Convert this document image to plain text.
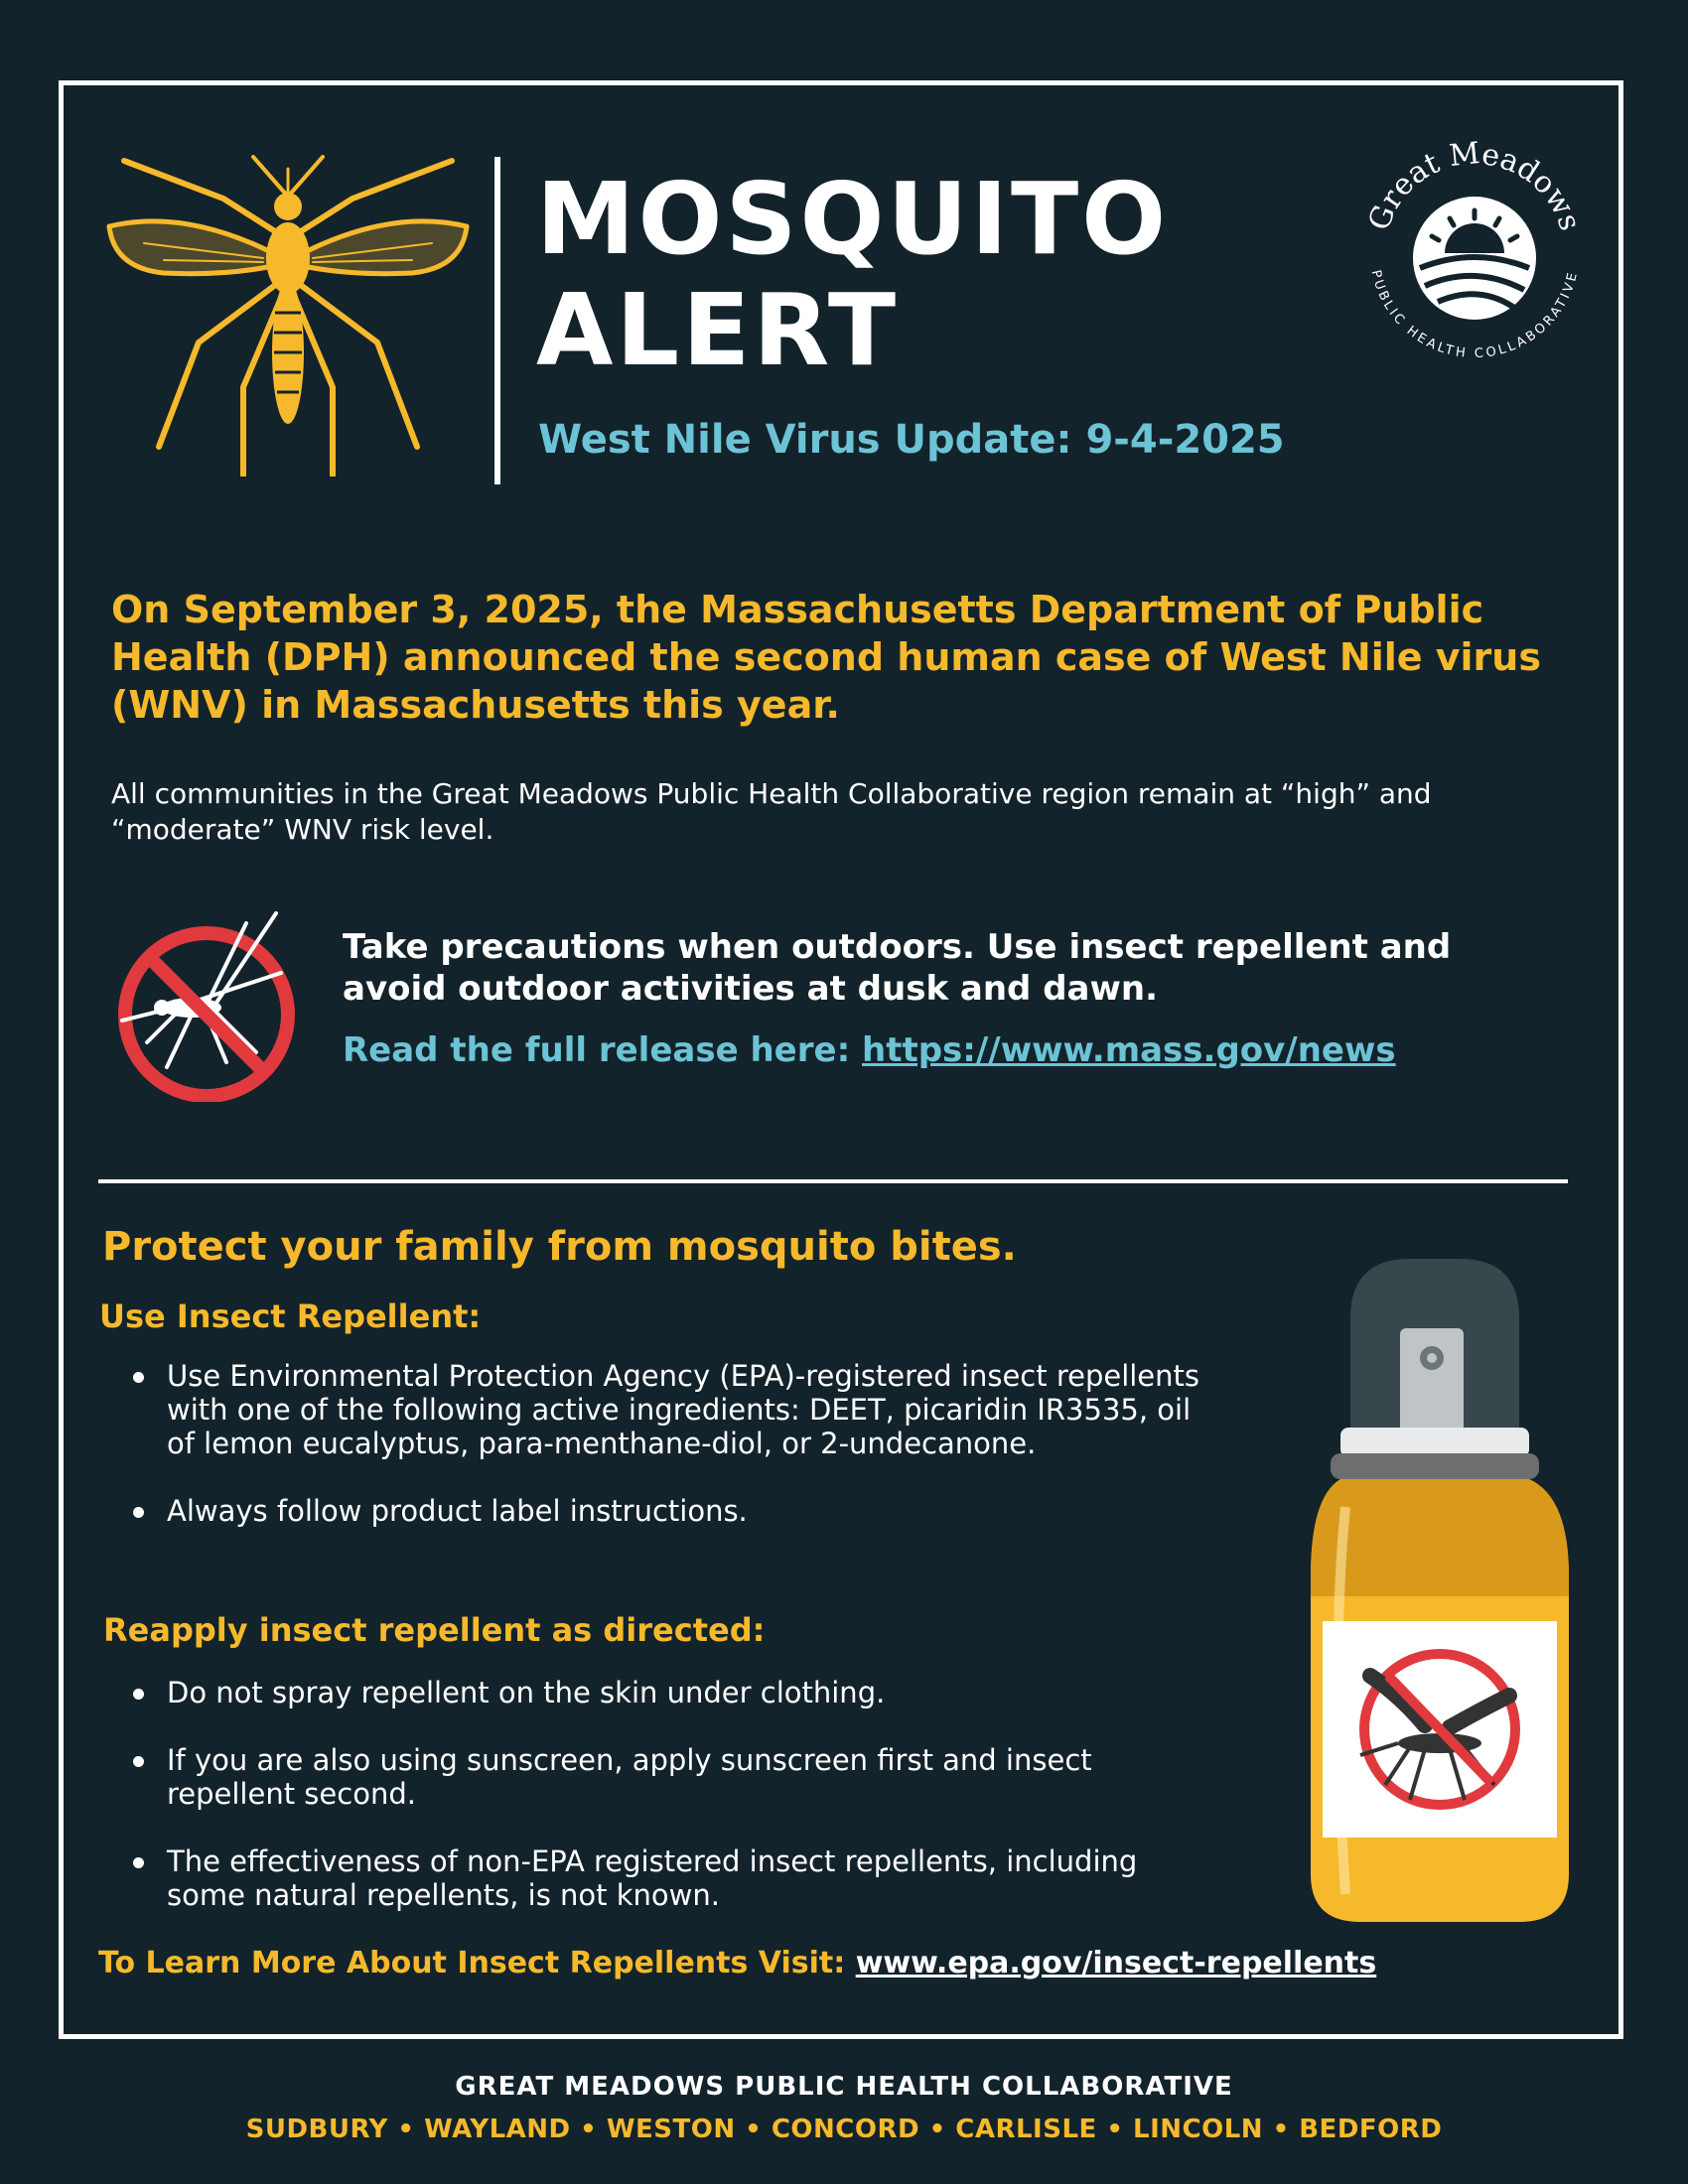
MOSQUITO
ALERT
West Nile Virus Update: 9-4-2025
Great Meadows
PUBLIC HEALTH COLLABORATIVE
On September 3, 2025, the Massachusetts Department of Public Health (DPH) announced the second human case of West Nile virus (WNV) in Massachusetts this year.
All communities in the Great Meadows Public Health Collaborative region remain at “high” and “moderate” WNV risk level.
Take precautions when outdoors. Use insect repellent and avoid outdoor activities at dusk and dawn.
Read the full release here: https://www.mass.gov/news
Protect your family from mosquito bites.
Use Insect Repellent:
Use Environmental Protection Agency (EPA)-registered insect repellents with one of the following active ingredients: DEET, picaridin IR3535, oil of lemon eucalyptus, para-menthane-diol, or 2-undecanone.
Always follow product label instructions.
Reapply insect repellent as directed:
Do not spray repellent on the skin under clothing.
If you are also using sunscreen, apply sunscreen first and insect repellent second.
The effectiveness of non-EPA registered insect repellents, including some natural repellents, is not known.
To Learn More About Insect Repellents Visit: www.epa.gov/insect-repellents
GREAT MEADOWS PUBLIC HEALTH COLLABORATIVE
SUDBURY • WAYLAND • WESTON • CONCORD • CARLISLE • LINCOLN • BEDFORD
